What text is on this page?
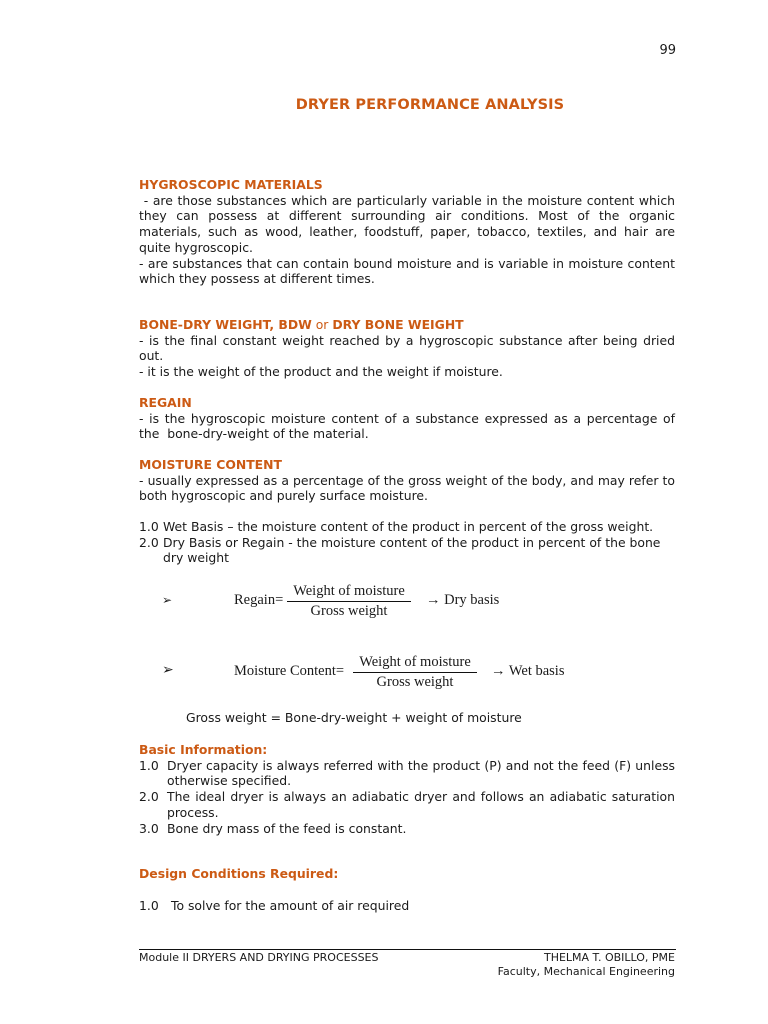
99
DRYER PERFORMANCE ANALYSIS
HYGROSCOPIC MATERIALS

- are those substances which are particularly variable in the moisture content which they can possess at different surrounding air conditions. Most of the organic materials, such as wood, leather, foodstuff, paper, tobacco, textiles, and hair are quite hygroscopic.

- are substances that can contain bound moisture and is variable in moisture content which they possess at different times.

BONE-DRY WEIGHT, BDW or DRY BONE WEIGHT

- is the final constant weight reached by a hygroscopic substance after being dried out.

- it is the weight of the product and the weight if moisture.

REGAIN

- is the hygroscopic moisture content of a substance expressed as a percentage of the  bone-dry-weight of the material.

MOISTURE CONTENT

- usually expressed as a percentage of the gross weight of the body, and may refer to both hygroscopic and purely surface moisture.

1.0 Wet Basis – the moisture content of the product in percent of the gross weight.
2.0 Dry Basis or Regain - the moisture content of the product in percent of the bone dry weight
➢	Regain=
Weight of moisture
Gross weight
→ Dry basis
➢	Moisture Content=
Weight of moisture
Gross weight
→ Wet basis
Gross weight = Bone-dry-weight + weight of moisture
Basic Information:
1.0 Dryer capacity is always referred with the product (P) and not the feed (F) unless otherwise specified.
2.0 The ideal dryer is always an adiabatic dryer and follows an adiabatic saturation process.
3.0 Bone dry mass of the feed is constant.
Design Conditions Required:
1.0 To solve for the amount of air required
Module II DRYERS AND DRYING PROCESSES	THELMA T. OBILLO, PME
Faculty, Mechanical Engineering
